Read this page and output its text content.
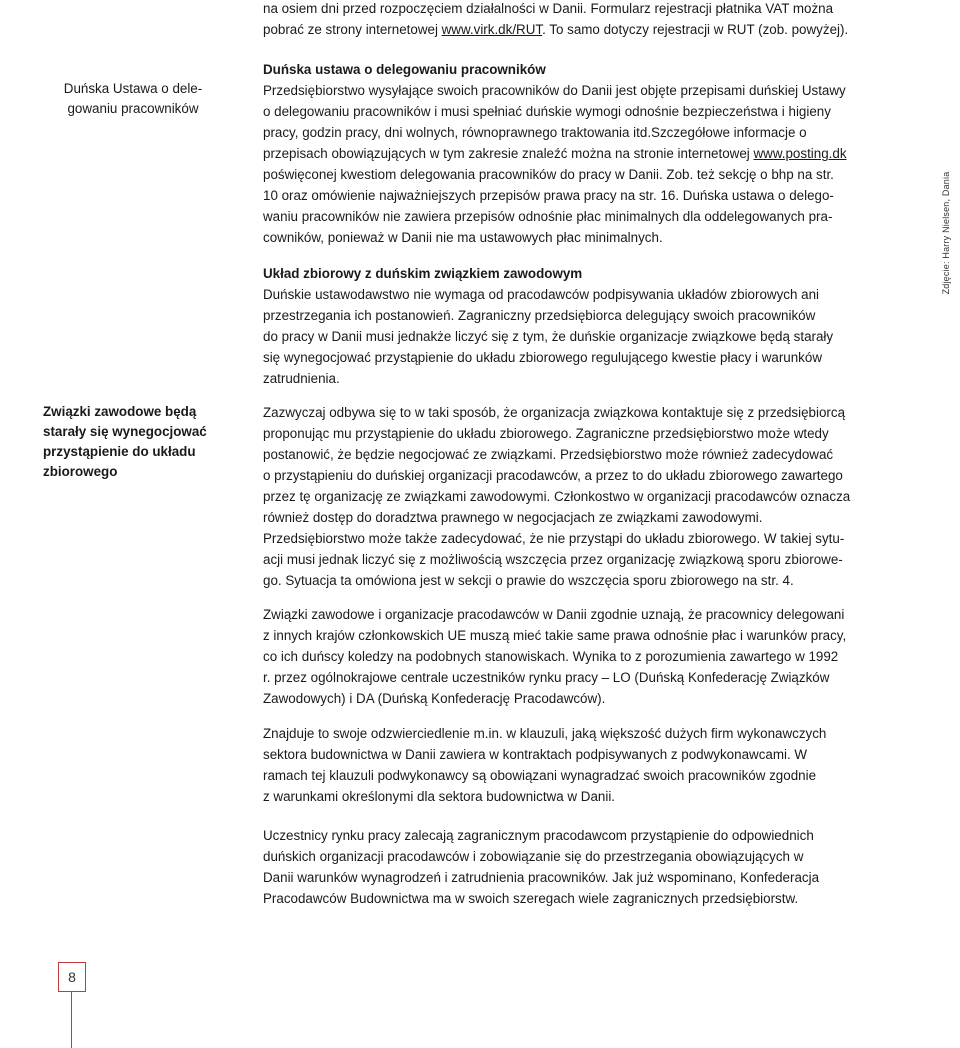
na osiem dni przed rozpoczęciem działalności w Danii. Formularz rejestracji płatnika VAT można
pobrać ze strony internetowej www.virk.dk/RUT. To samo dotyczy rejestracji w RUT (zob. powyżej).
Duńska Ustawa o dele-
gowaniu pracowników
Związki zawodowe będą
starały się wynegocjować
przystąpienie do układu
zbiorowego
Duńska ustawa o delegowaniu pracowników
Przedsiębiorstwo wysyłające swoich pracowników do Danii jest objęte przepisami duńskiej Ustawy
o delegowaniu pracowników i musi spełniać duńskie wymogi odnośnie bezpieczeństwa i higieny
pracy, godzin pracy, dni wolnych, równoprawnego traktowania itd.Szczegółowe informacje o
przepisach obowiązujących w tym zakresie znaleźć można na stronie internetowej www.posting.dk
poświęconej kwestiom delegowania pracowników do pracy w Danii. Zob. też sekcję o bhp na str.
10 oraz omówienie najważniejszych przepisów prawa pracy na str. 16. Duńska ustawa o delego-
waniu pracowników nie zawiera przepisów odnośnie płac minimalnych dla oddelegowanych pra-
cowników, ponieważ w Danii nie ma ustawowych płac minimalnych.
Układ zbiorowy z duńskim związkiem zawodowym
Duńskie ustawodawstwo nie wymaga od pracodawców podpisywania układów zbiorowych ani
przestrzegania ich postanowień. Zagraniczny przedsiębiorca delegujący swoich pracowników
do pracy w Danii musi jednakże liczyć się z tym, że duńskie organizacje związkowe będą starały
się wynegocjować przystąpienie do układu zbiorowego regulującego kwestie płacy i warunków
zatrudnienia.
Zazwyczaj odbywa się to w taki sposób, że organizacja związkowa kontaktuje się z przedsiębiorcą
proponując mu przystąpienie do układu zbiorowego. Zagraniczne przedsiębiorstwo może wtedy
postanowić, że będzie negocjować ze związkami. Przedsiębiorstwo może również zadecydować
o przystąpieniu do duńskiej organizacji pracodawców, a przez to do układu zbiorowego zawartego
przez tę organizację ze związkami zawodowymi. Członkostwo w organizacji pracodawców oznacza
również dostęp do doradztwa prawnego w negocjacjach ze związkami zawodowymi.
Przedsiębiorstwo może także zadecydować, że nie przystąpi do układu zbiorowego. W takiej sytu-
acji musi jednak liczyć się z możliwością wszczęcia przez organizację związkową sporu zbiorowe-
go. Sytuacja ta omówiona jest w sekcji o prawie do wszczęcia sporu zbiorowego na str. 4.
Związki zawodowe i organizacje pracodawców w Danii zgodnie uznają, że pracownicy delegowani
z innych krajów członkowskich UE muszą mieć takie same prawa odnośnie płac i warunków pracy,
co ich duńscy koledzy na podobnych stanowiskach. Wynika to z porozumienia zawartego w 1992
r. przez ogólnokrajowe centrale uczestników rynku pracy – LO (Duńską Konfederację Związków
Zawodowych) i DA (Duńską Konfederację Pracodawców).
Znajduje to swoje odzwierciedlenie m.in. w klauzuli, jaką większość dużych firm wykonawczych
sektora budownictwa w Danii zawiera w kontraktach podpisywanych z podwykonawcami. W
ramach tej klauzuli podwykonawcy są obowiązani wynagradzać swoich pracowników zgodnie
z warunkami określonymi dla sektora budownictwa w Danii.
Uczestnicy rynku pracy zalecają zagranicznym pracodawcom przystąpienie do odpowiednich
duńskich organizacji pracodawców i zobowiązanie się do przestrzegania obowiązujących w
Danii warunków wynagrodzeń i zatrudnienia pracowników. Jak już wspominano, Konfederacja
Pracodawców Budownictwa ma w swoich szeregach wiele zagranicznych przedsiębiorstw.
Zdjęcie: Harry Nielsen, Dania
8
